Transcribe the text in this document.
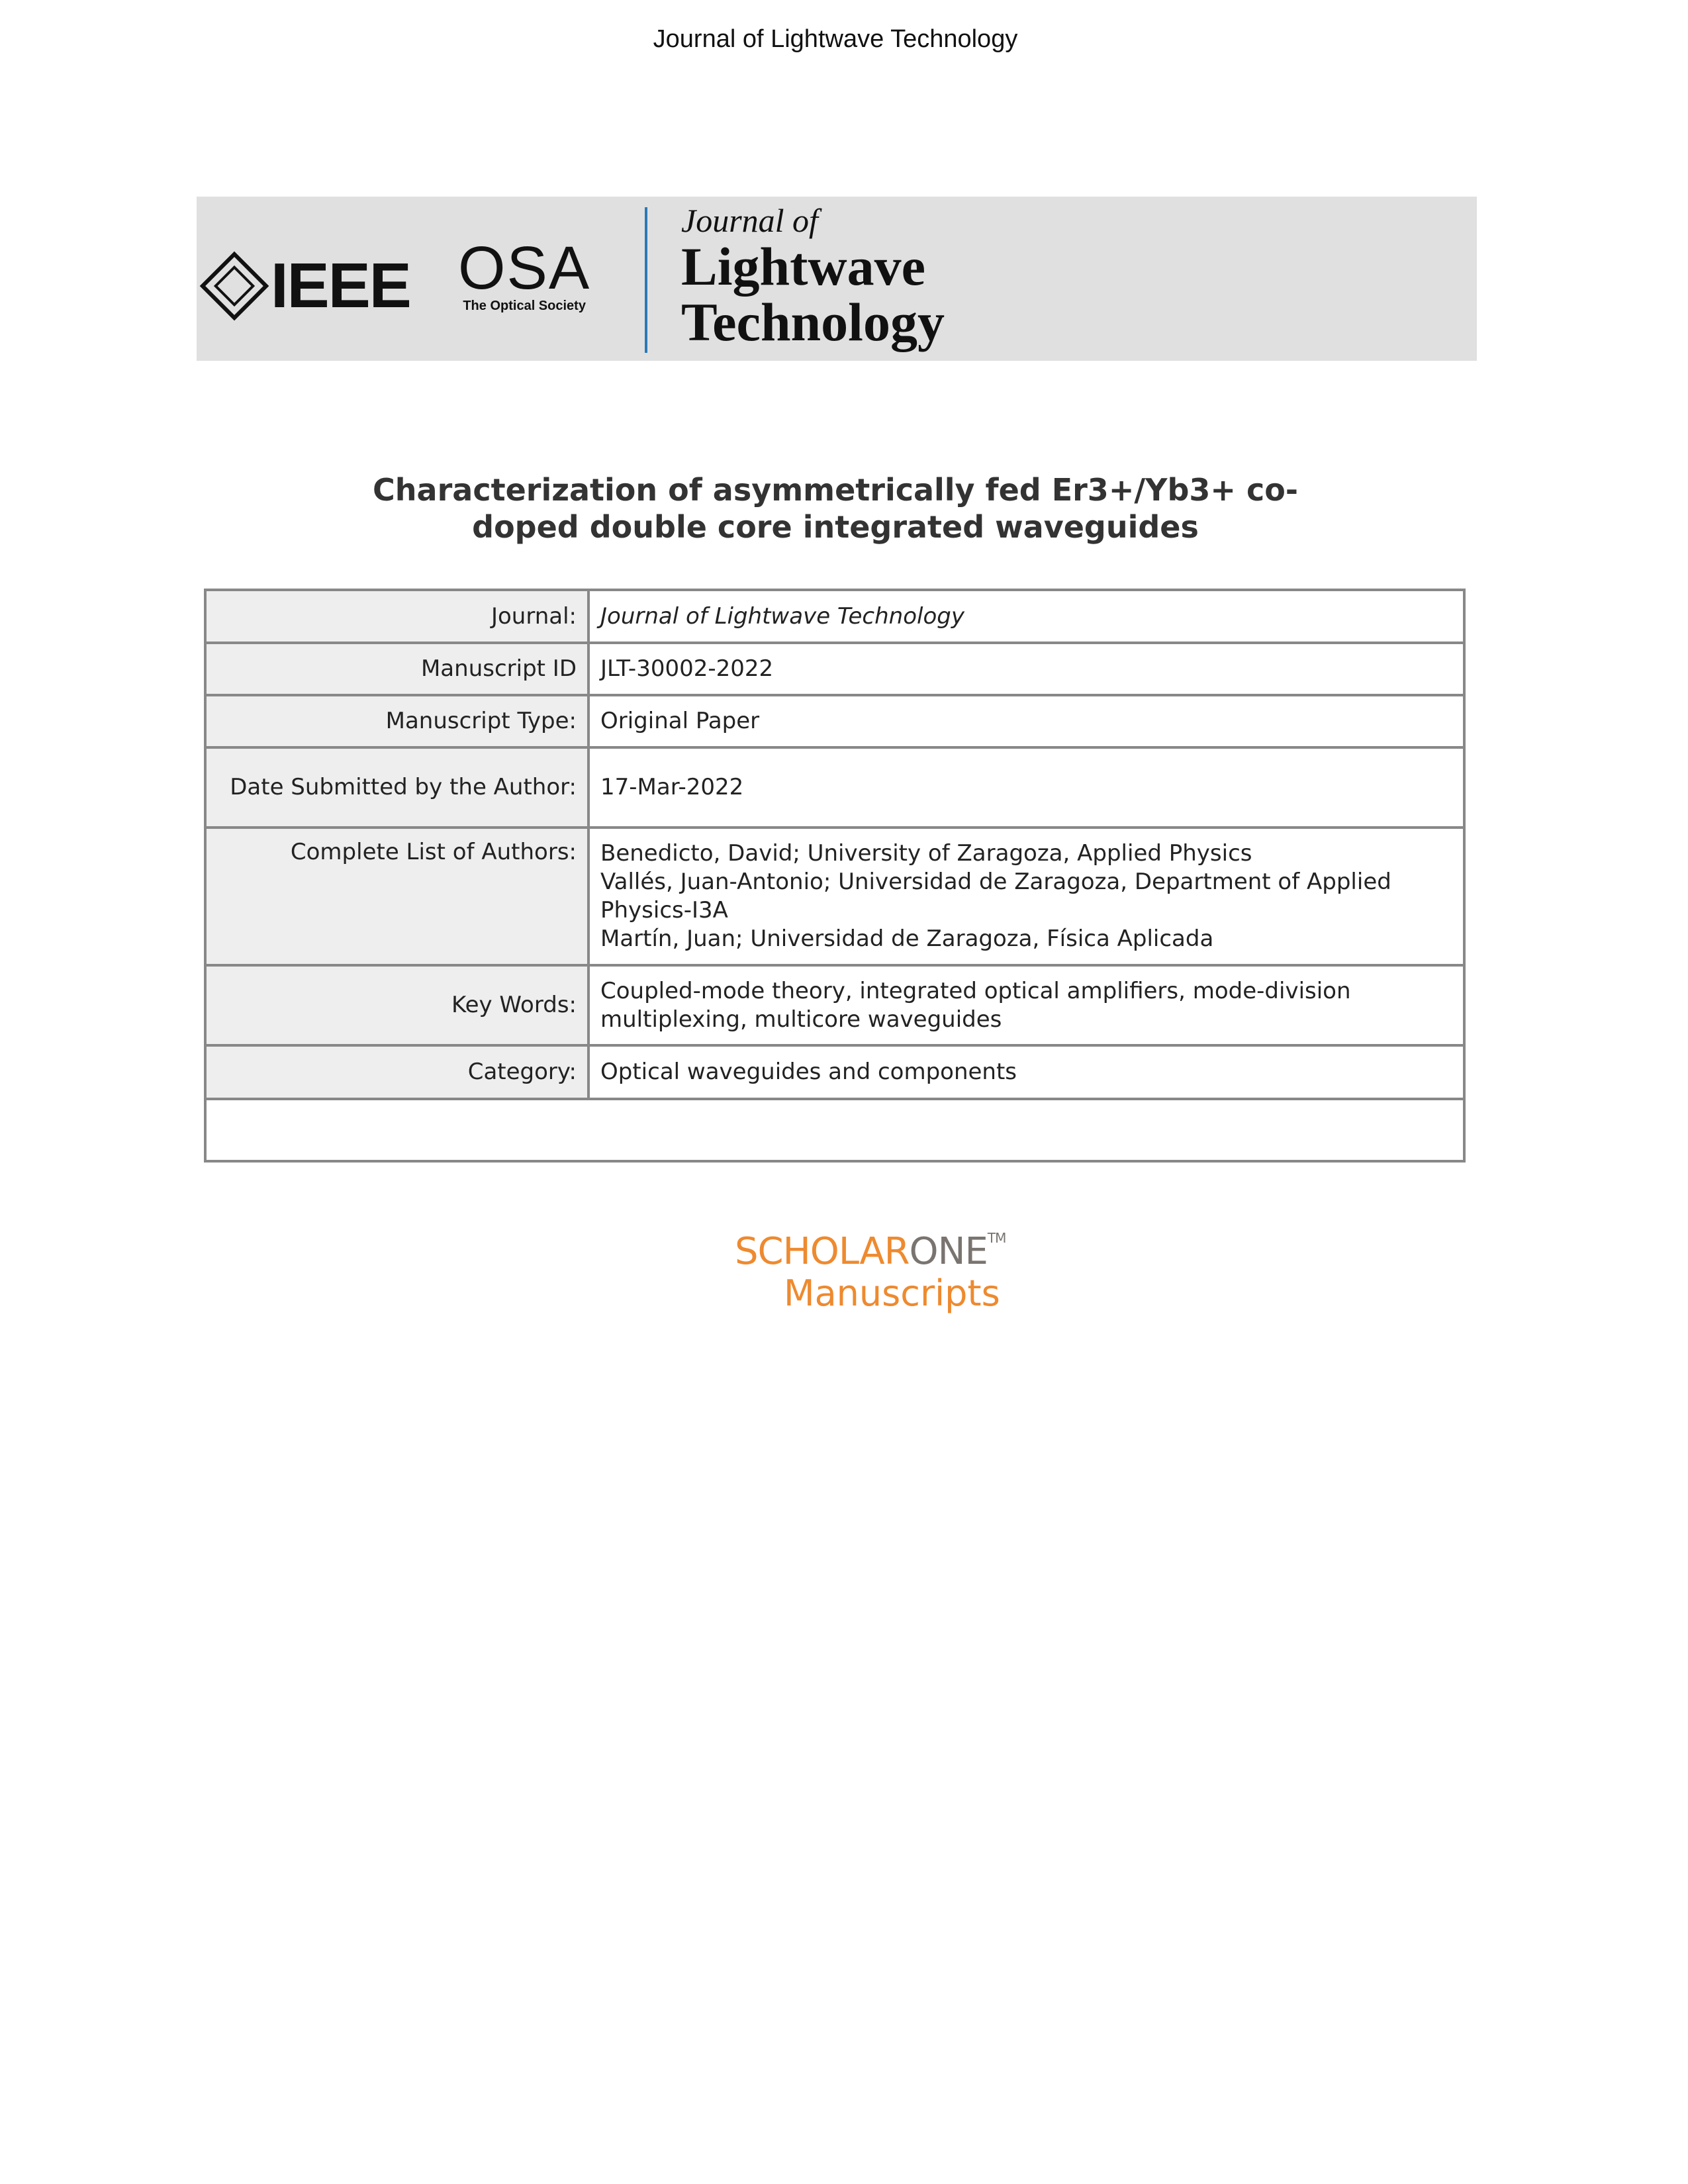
Journal of Lightwave Technology
IEEE OSA
The Optical Society
Journal of
Lightwave
Technology
Characterization of asymmetrically fed Er3+/Yb3+ co-
doped double core integrated waveguides
Journal:	Journal of Lightwave Technology
Manuscript ID	JLT-30002-2022
Manuscript Type:	Original Paper
Date Submitted by the Author:	17-Mar-2022
Complete List of Authors:	Benedicto, David; University of Zaragoza, Applied Physics
Vallés, Juan-Antonio; Universidad de Zaragoza, Department of Applied Physics-I3A
Martín, Juan; Universidad de Zaragoza, Física Aplicada

Key Words:	Coupled-mode theory, integrated optical amplifiers, mode-division multiplexing, multicore waveguides
Category:	Optical waveguides and components

SCHOLARONE™
Manuscripts
